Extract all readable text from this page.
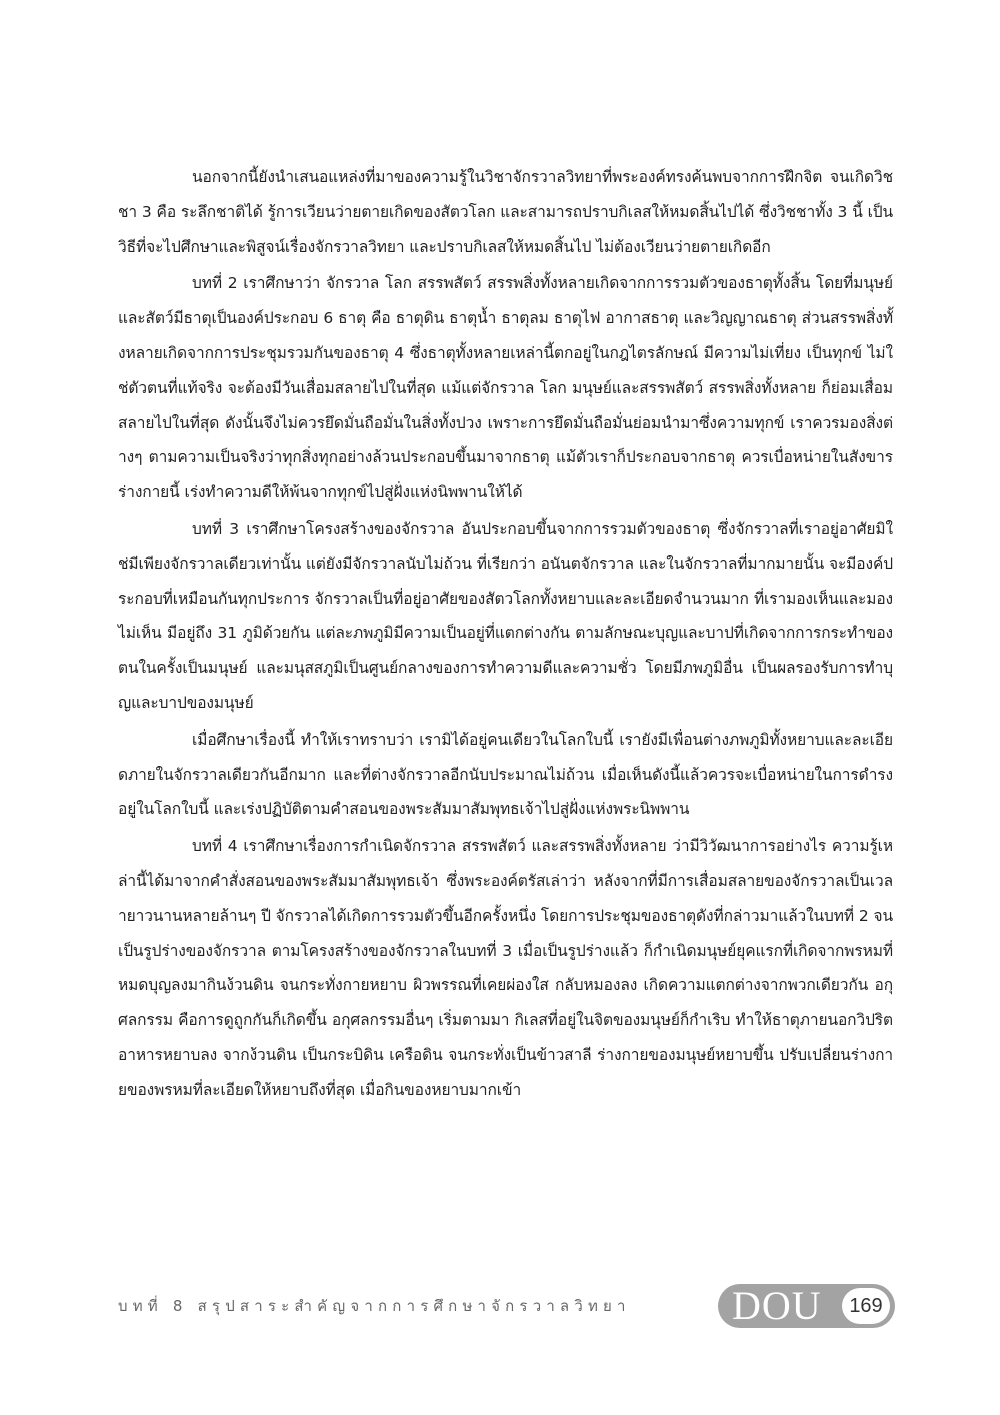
นอกจากนี้ยังนำเสนอแหล่งที่มาของความรู้ในวิชาจักรวาลวิทยาที่พระองค์ทรงค้นพบจากการฝึกจิต จนเกิดวิชชา 3 คือ ระลึกชาติได้ รู้การเวียนว่ายตายเกิดของสัตวโลก และสามารถปราบกิเลสให้หมดสิ้นไปได้ ซึ่งวิชชาทั้ง 3 นี้ เป็นวิธีที่จะไปศึกษาและพิสูจน์เรื่องจักรวาลวิทยา และปราบกิเลสให้หมดสิ้นไป ไม่ต้องเวียนว่ายตายเกิดอีก

บทที่ 2 เราศึกษาว่า จักรวาล โลก สรรพสัตว์ สรรพสิ่งทั้งหลายเกิดจากการรวมตัวของธาตุทั้งสิ้น โดยที่มนุษย์และสัตว์มีธาตุเป็นองค์ประกอบ 6 ธาตุ คือ ธาตุดิน ธาตุน้ำ ธาตุลม ธาตุไฟ อากาสธาตุ และวิญญาณธาตุ ส่วนสรรพสิ่งทั้งหลายเกิดจากการประชุมรวมกันของธาตุ 4 ซึ่งธาตุทั้งหลายเหล่านี้ตกอยู่ในกฎไตรลักษณ์ มีความไม่เที่ยง เป็นทุกข์ ไม่ใช่ตัวตนที่แท้จริง จะต้องมีวันเสื่อมสลายไปในที่สุด แม้แต่จักรวาล โลก มนุษย์และสรรพสัตว์ สรรพสิ่งทั้งหลาย ก็ย่อมเสื่อมสลายไปในที่สุด ดังนั้นจึงไม่ควรยึดมั่นถือมั่นในสิ่งทั้งปวง เพราะการยึดมั่นถือมั่นย่อมนำมาซึ่งความทุกข์ เราควรมองสิ่งต่างๆ ตามความเป็นจริงว่าทุกสิ่งทุกอย่างล้วนประกอบขึ้นมาจากธาตุ แม้ตัวเราก็ประกอบจากธาตุ ควรเบื่อหน่ายในสังขารร่างกายนี้ เร่งทำความดีให้พ้นจากทุกข์ไปสู่ฝั่งแห่งนิพพานให้ได้

บทที่ 3 เราศึกษาโครงสร้างของจักรวาล อันประกอบขึ้นจากการรวมตัวของธาตุ ซึ่งจักรวาลที่เราอยู่อาศัยมิใช่มีเพียงจักรวาลเดียวเท่านั้น แต่ยังมีจักรวาลนับไม่ถ้วน ที่เรียกว่า อนันตจักรวาล และในจักรวาลที่มากมายนั้น จะมีองค์ประกอบที่เหมือนกันทุกประการ จักรวาลเป็นที่อยู่อาศัยของสัตวโลกทั้งหยาบและละเอียดจำนวนมาก ที่เรามองเห็นและมองไม่เห็น มีอยู่ถึง 31 ภูมิด้วยกัน แต่ละภพภูมิมีความเป็นอยู่ที่แตกต่างกัน ตามลักษณะบุญและบาปที่เกิดจากการกระทำของตนในครั้งเป็นมนุษย์ และมนุสสภูมิเป็นศูนย์กลางของการทำความดีและความชั่ว โดยมีภพภูมิอื่น เป็นผลรองรับการทำบุญและบาปของมนุษย์

เมื่อศึกษาเรื่องนี้ ทำให้เราทราบว่า เรามิได้อยู่คนเดียวในโลกใบนี้ เรายังมีเพื่อนต่างภพภูมิทั้งหยาบและละเอียดภายในจักรวาลเดียวกันอีกมาก และที่ต่างจักรวาลอีกนับประมาณไม่ถ้วน เมื่อเห็นดังนี้แล้วควรจะเบื่อหน่ายในการดำรงอยู่ในโลกใบนี้ และเร่งปฏิบัติตามคำสอนของพระสัมมาสัมพุทธเจ้าไปสู่ฝั่งแห่งพระนิพพาน

บทที่ 4 เราศึกษาเรื่องการกำเนิดจักรวาล สรรพสัตว์ และสรรพสิ่งทั้งหลาย ว่ามีวิวัฒนาการอย่างไร ความรู้เหล่านี้ได้มาจากคำสั่งสอนของพระสัมมาสัมพุทธเจ้า ซึ่งพระองค์ตรัสเล่าว่า หลังจากที่มีการเสื่อมสลายของจักรวาลเป็นเวลายาวนานหลายล้านๆ ปี จักรวาลได้เกิดการรวมตัวขึ้นอีกครั้งหนึ่ง โดยการประชุมของธาตุดังที่กล่าวมาแล้วในบทที่ 2 จนเป็นรูปร่างของจักรวาล ตามโครงสร้างของจักรวาลในบทที่ 3 เมื่อเป็นรูปร่างแล้ว ก็กำเนิดมนุษย์ยุคแรกที่เกิดจากพรหมที่หมดบุญลงมากินง้วนดิน จนกระทั่งกายหยาบ ผิวพรรณที่เคยผ่องใส กลับหมองลง เกิดความแตกต่างจากพวกเดียวกัน อกุศลกรรม คือการดูถูกกันก็เกิดขึ้น อกุศลกรรมอื่นๆ เริ่มตามมา กิเลสที่อยู่ในจิตของมนุษย์ก็กำเริบ ทำให้ธาตุภายนอกวิปริต อาหารหยาบลง จากง้วนดิน เป็นกระบิดิน เครือดิน จนกระทั่งเป็นข้าวสาลี ร่างกายของมนุษย์หยาบขึ้น ปรับเปลี่ยนร่างกายของพรหมที่ละเอียดให้หยาบถึงที่สุด เมื่อกินของหยาบมากเข้า

บทที่ 8 สรุปสาระสำคัญจากการศึกษาจักรวาลวิทยา	DOU	169
